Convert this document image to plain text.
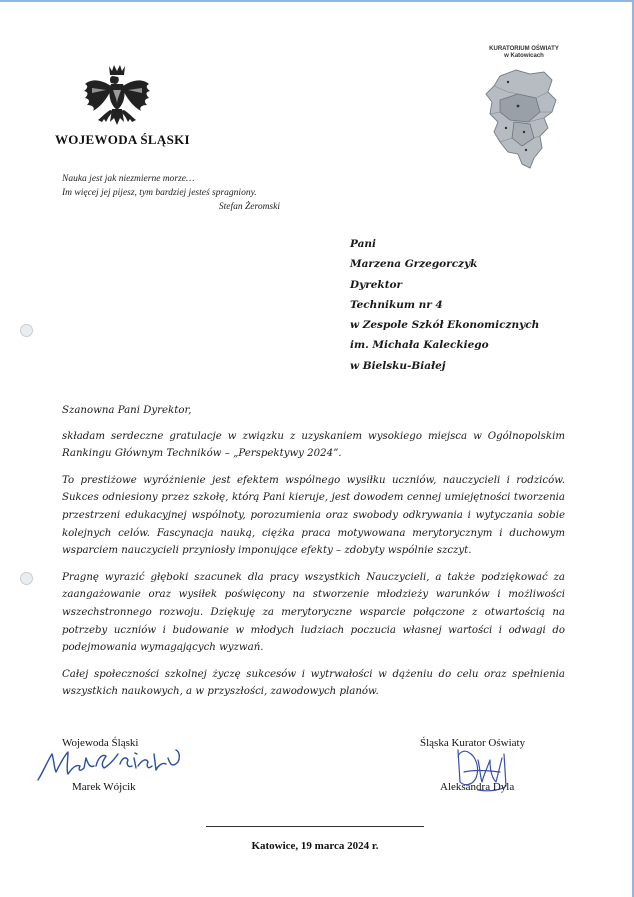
WOJEWODA ŚLĄSKI
KURATORIUM OŚWIATY
w Katowicach
Nauka jest jak niezmierne morze…
Im więcej jej pijesz, tym bardziej jesteś spragniony.
Stefan Żeromski
Pani
Marzena Grzegorczyk
Dyrektor
Technikum nr 4
w Zespole Szkół Ekonomicznych
im. Michała Kaleckiego
w Bielsku-Białej

Szanowna Pani Dyrektor,

składam serdeczne gratulacje w związku z uzyskaniem wysokiego miejsca w Ogólnopolskim Rankingu Głównym Techników – „Perspektywy 2024”.

To prestiżowe wyróżnienie jest efektem wspólnego wysiłku uczniów, nauczycieli i rodziców. Sukces odniesiony przez szkołę, którą Pani kieruje, jest dowodem cennej umiejętności tworzenia przestrzeni edukacyjnej wspólnoty, porozumienia oraz swobody odkrywania i wytyczania sobie kolejnych celów. Fascynacja nauką, ciężka praca motywowana merytorycznym i duchowym wsparciem nauczycieli przyniosły imponujące efekty – zdobyty wspólnie szczyt.

Pragnę wyrazić głęboki szacunek dla pracy wszystkich Nauczycieli, a także podziękować za zaangażowanie oraz wysiłek poświęcony na stworzenie młodzieży warunków i możliwości wszechstronnego rozwoju. Dziękuję za merytoryczne wsparcie połączone z otwartością na potrzeby uczniów i budowanie w młodych ludziach poczucia własnej wartości i odwagi do podejmowania wymagających wyzwań.

Całej społeczności szkolnej życzę sukcesów i wytrwałości w dążeniu do celu oraz spełnienia wszystkich naukowych, a w przyszłości, zawodowych planów.

Wojewoda Śląski
Marek Wójcik
Śląska Kurator Oświaty
Aleksandra Dyla
Katowice, 19 marca 2024 r.
